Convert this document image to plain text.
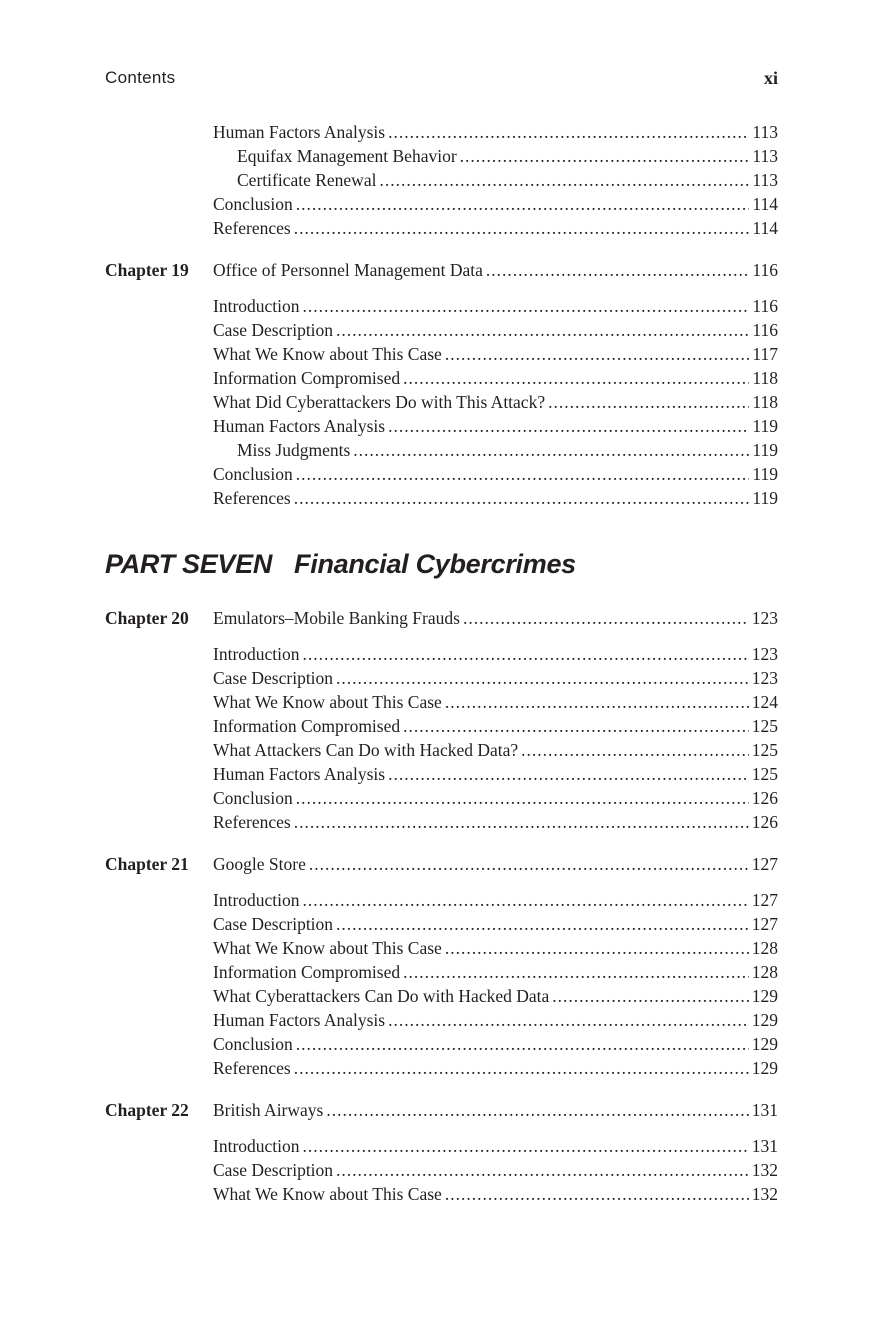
Contents	xi
Human Factors Analysis .....	113
Equifax Management Behavior .....	113
Certificate Renewal .....	113
Conclusion .....	114
References .....	114
Chapter 19	Office of Personnel Management Data .....	116
Introduction .....	116
Case Description .....	116
What We Know about This Case .....	117
Information Compromised .....	118
What Did Cyberattackers Do with This Attack? .....	118
Human Factors Analysis .....	119
Miss Judgments .....	119
Conclusion .....	119
References .....	119
PART SEVEN Financial Cybercrimes
Chapter 20	Emulators–Mobile Banking Frauds .....	123
Introduction .....	123
Case Description .....	123
What We Know about This Case .....	124
Information Compromised .....	125
What Attackers Can Do with Hacked Data? .....	125
Human Factors Analysis .....	125
Conclusion .....	126
References .....	126
Chapter 21	Google Store .....	127
Introduction .....	127
Case Description .....	127
What We Know about This Case .....	128
Information Compromised .....	128
What Cyberattackers Can Do with Hacked Data .....	129
Human Factors Analysis .....	129
Conclusion .....	129
References .....	129
Chapter 22	British Airways .....	131
Introduction .....	131
Case Description .....	132
What We Know about This Case .....	132
